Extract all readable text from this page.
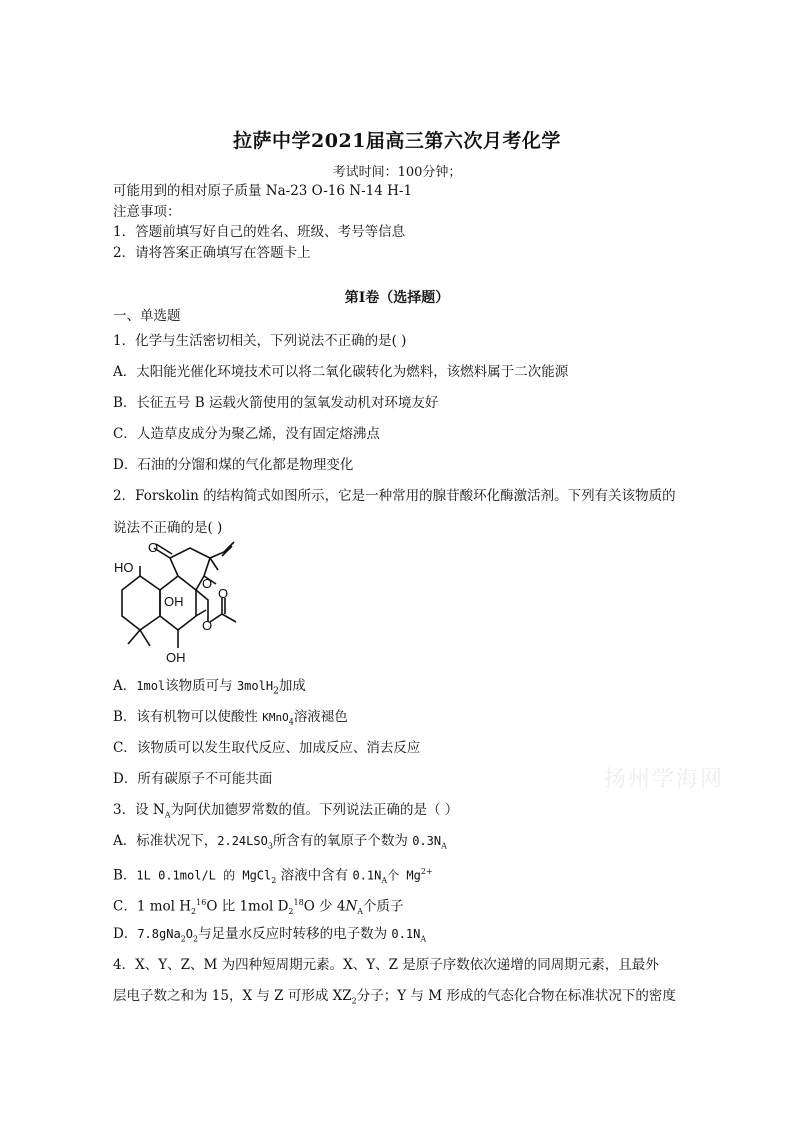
拉萨中学2021届高三第六次月考化学
考试时间：100分钟；
可能用到的相对原子质量 Na-23 O-16 N-14 H-1
注意事项：
1．答题前填写好自己的姓名、班级、考号等信息
2．请将答案正确填写在答题卡上
第I卷（选择题）
一、单选题
1．化学与生活密切相关，下列说法不正确的是( )
A．太阳能光催化环境技术可以将二氧化碳转化为燃料，该燃料属于二次能源
B．长征五号 B 运载火箭使用的氢氧发动机对环境友好
C．人造草皮成分为聚乙烯，没有固定熔沸点
D．石油的分馏和煤的气化都是物理变化
2．Forskolin 的结构简式如图所示，它是一种常用的腺苷酸环化酶激活剂。下列有关该物质的
说法不正确的是( )
O
HO
O
O
O
OH
OH
A．1mol该物质可与 3molH$_2$加成
B．该有机物可以使酸性 KMnO$_4$溶液褪色
C．该物质可以发生取代反应、加成反应、消去反应
D．所有碳原子不可能共面
3．设 $N_A$为阿伏加德罗常数的值。下列说法正确的是（ ）
A．标准状况下，$2.24LSO_3$所含有的氧原子个数为 $0.3N_A$
B．1L 0.1mol/L 的 MgCl$_2$ 溶液中含有 $0.1N_A$个 $Mg^{2+}$
C．1 mol $H_2^{16}O$ 比 1mol $D_2^{18}O$ 少 $4N_A$个质子
D．$7.8gNa_2O_2$与足量水反应时转移的电子数为 $0.1N_A$
4．X、Y、Z、M 为四种短周期元素。X、Y、Z 是原子序数依次递增的同周期元素，且最外
层电子数之和为 15，X 与 Z 可形成 $XZ_2$分子；Y 与 M 形成的气态化合物在标准状况下的密度
扬州学海网
